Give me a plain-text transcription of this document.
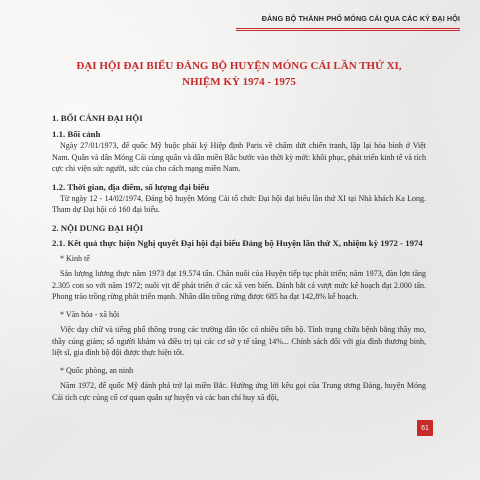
ĐẢNG BỘ THÀNH PHỐ MÓNG CÁI QUA CÁC KỲ ĐẠI HỘI
ĐẠI HỘI ĐẠI BIỂU ĐẢNG BỘ HUYỆN MÓNG CÁI LẦN THỨ XI,
NHIỆM KỲ 1974 - 1975

1. BỐI CẢNH ĐẠI HỘI

1.1. Bối cảnh

Ngày 27/01/1973, đế quốc Mỹ buộc phải ký Hiệp định Paris về chấm dứt chiến tranh, lập lại hòa bình ở Việt Nam. Quân và dân Móng Cái cùng quân và dân miền Bắc bước vào thời kỳ mới: khôi phục, phát triển kinh tế và tích cực chi viện sức người, sức của cho cách mạng miền Nam.

1.2. Thời gian, địa điểm, số lượng đại biểu

Từ ngày 12 - 14/02/1974, Đảng bộ huyện Móng Cái tổ chức Đại hội đại biểu lần thứ XI tại Nhà khách Ka Long. Tham dự Đại hội có 160 đại biểu.

2. NỘI DUNG ĐẠI HỘI

2.1. Kết quả thực hiện Nghị quyết Đại hội đại biểu Đảng bộ Huyện lần thứ X, nhiệm kỳ 1972 - 1974

* Kinh tế

Sản lượng lương thực năm 1973 đạt 19.574 tấn. Chăn nuôi của Huyện tiếp tục phát triển; năm 1973, đàn lợn tăng 2.305 con so với năm 1972; nuôi vịt để phát triển ở các xã ven biển. Đánh bắt cá vượt mức kế hoạch đạt 2.000 tấn. Phong trào trồng rừng phát triển mạnh. Nhân dân trồng rừng được 685 ha đạt 142,8% kế hoạch.

* Văn hóa - xã hội

Việc dạy chữ và tiếng phổ thông trong các trường dân tộc có nhiều tiến bộ. Tình trạng chữa bệnh bằng thầy mo, thầy cúng giảm; số người khám và điều trị tại các cơ sở y tế tăng 14%... Chính sách đối với gia đình thương binh, liệt sĩ, gia đình bộ đội được thực hiện tốt.

* Quốc phòng, an ninh

Năm 1972, đế quốc Mỹ đánh phá trở lại miền Bắc. Hưởng ứng lời kêu gọi của Trung ương Đảng, huyện Móng Cái tích cực củng cố cơ quan quân sự huyện và các ban chỉ huy xã đội,

61
